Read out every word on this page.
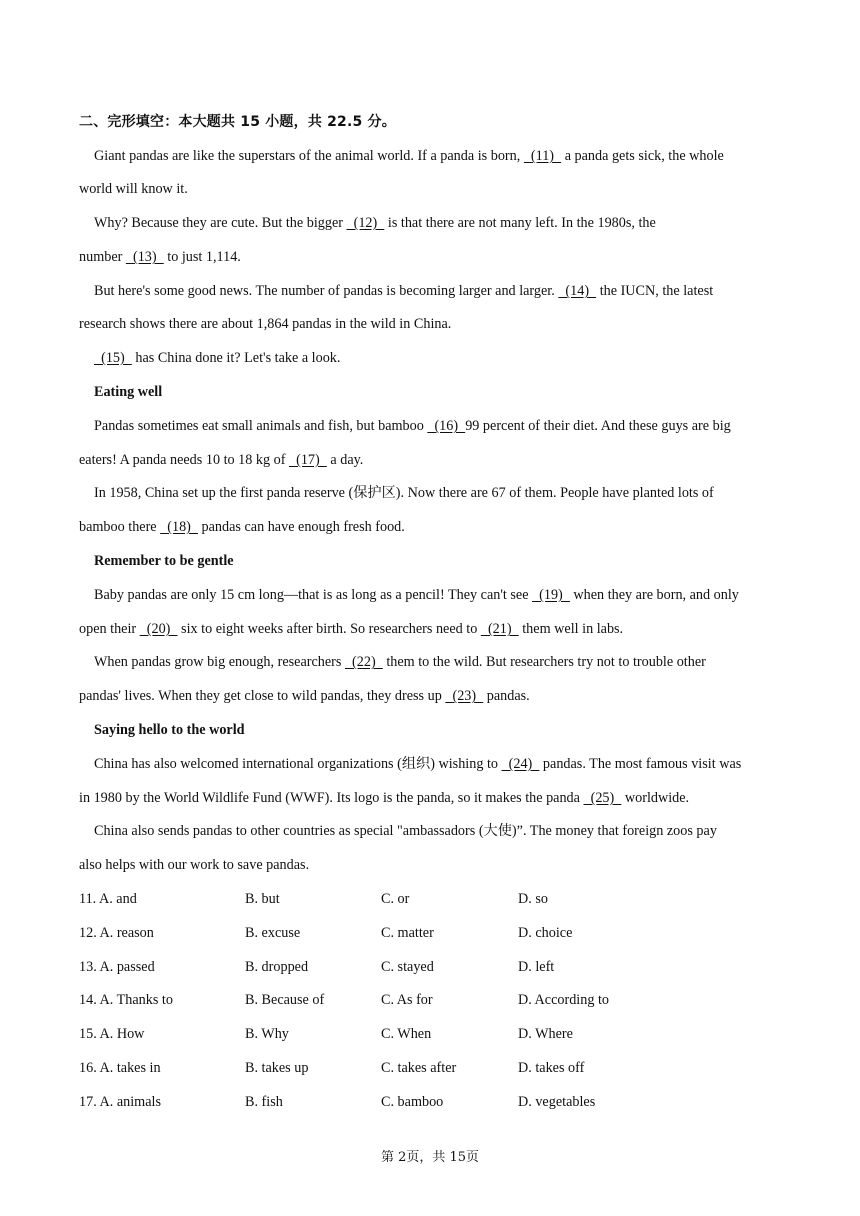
二、完形填空：本大题共 15 小题，共 22.5 分。
Giant pandas are like the superstars of the animal world. If a panda is born,   (11)   a panda gets sick, the whole
world will know it.
Why? Because they are cute. But the bigger   (12)   is that there are not many left. In the 1980s, the
number   (13)   to just 1,114.
But here's some good news. The number of pandas is becoming larger and larger.   (14)   the IUCN, the latest
research shows there are about 1,864 pandas in the wild in China.
(15)   has China done it? Let's take a look.
Eating well
Pandas sometimes eat small animals and fish, but bamboo   (16)  99 percent of their diet. And these guys are big
eaters! A panda needs 10 to 18 kg of   (17)   a day.
In 1958, China set up the first panda reserve (保护区). Now there are 67 of them. People have planted lots of
bamboo there   (18)   pandas can have enough fresh food.
Remember to be gentle
Baby pandas are only 15 cm long—that is as long as a pencil! They can't see   (19)   when they are born, and only
open their   (20)   six to eight weeks after birth. So researchers need to   (21)   them well in labs.
When pandas grow big enough, researchers   (22)   them to the wild. But researchers try not to trouble other
pandas' lives. When they get close to wild pandas, they dress up   (23)   pandas.
Saying hello to the world
China has also welcomed international organizations (组织) wishing to   (24)   pandas. The most famous visit was
in 1980 by the World Wildlife Fund (WWF). Its logo is the panda, so it makes the panda   (25)   worldwide.
China also sends pandas to other countries as special "ambassadors (大使)”. The money that foreign zoos pay
also helps with our work to save pandas.
11. A. and	B. but	C. or	D. so
12. A. reason	B. excuse	C. matter	D. choice
13. A. passed	B. dropped	C. stayed	D. left
14. A. Thanks to	B. Because of	C. As for	D. According to
15. A. How	B. Why	C. When	D. Where
16. A. takes in	B. takes up	C. takes after	D. takes off
17. A. animals	B. fish	C. bamboo	D. vegetables
第 2页，共 15页
